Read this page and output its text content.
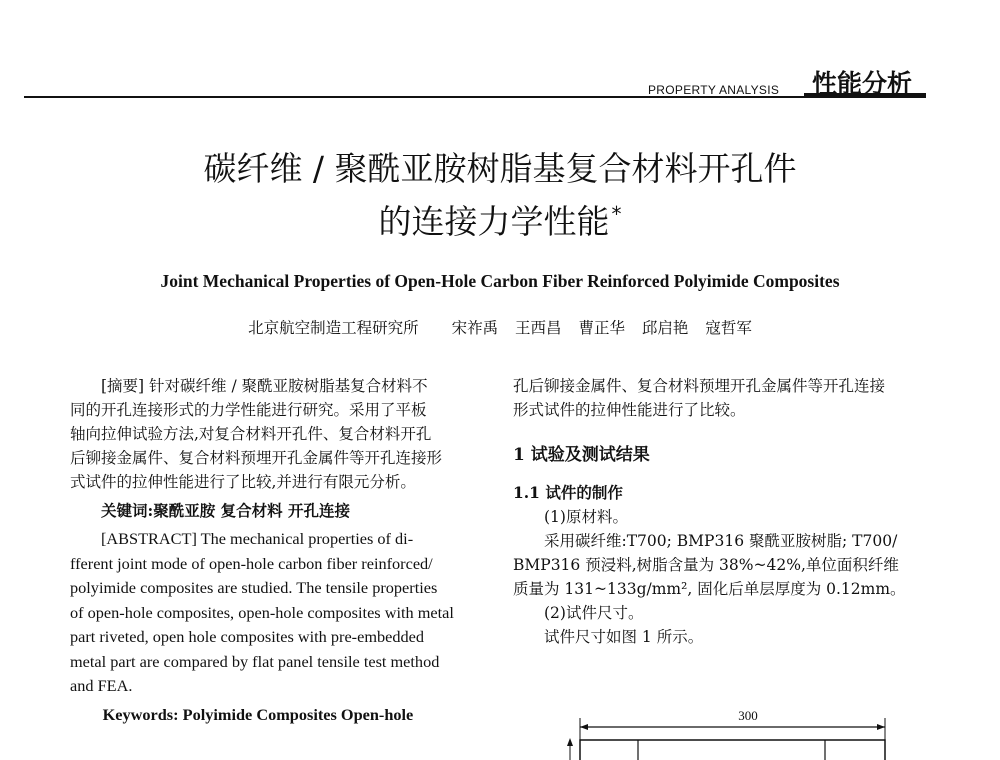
PROPERTY ANALYSIS 性能分析
碳纤维 / 聚酰亚胺树脂基复合材料开孔件
的连接力学性能 *
Joint Mechanical Properties of Open-Hole Carbon Fiber Reinforced Polyimide Composites
北京航空制造工程研究所 宋祚禹 王西昌 曹正华 邱启艳 寇哲军
[摘要] 针对碳纤维 / 聚酰亚胺树脂基复合材料不
同的开孔连接形式的力学性能进行研究。采用了平板
轴向拉伸试验方法,对复合材料开孔件、复合材料开孔
后铆接金属件、复合材料预埋开孔金属件等开孔连接形
式试件的拉伸性能进行了比较,并进行有限元分析。
关键词:聚酰亚胺 复合材料 开孔连接
[ABSTRACT] The mechanical properties of di-
fferent joint mode of open-hole carbon fiber reinforced/
polyimide composites are studied. The tensile properties
of open-hole composites, open-hole composites with metal
part riveted, open hole composites with pre-embedded
metal part are compared by flat panel tensile test method
and FEA.
Keywords: Polyimide Composites Open-hole
孔后铆接金属件、复合材料预埋开孔金属件等开孔连接
形式试件的拉伸性能进行了比较。
1 试验及测试结果
1.1 试件的制作
(1)原材料。
采用碳纤维:T700; BMP316 聚酰亚胺树脂; T700/
BMP316 预浸料,树脂含量为 38%~42%,单位面积纤维
质量为 131~133g/mm², 固化后单层厚度为 0.12mm。
(2)试件尺寸。
试件尺寸如图 1 所示。
300
